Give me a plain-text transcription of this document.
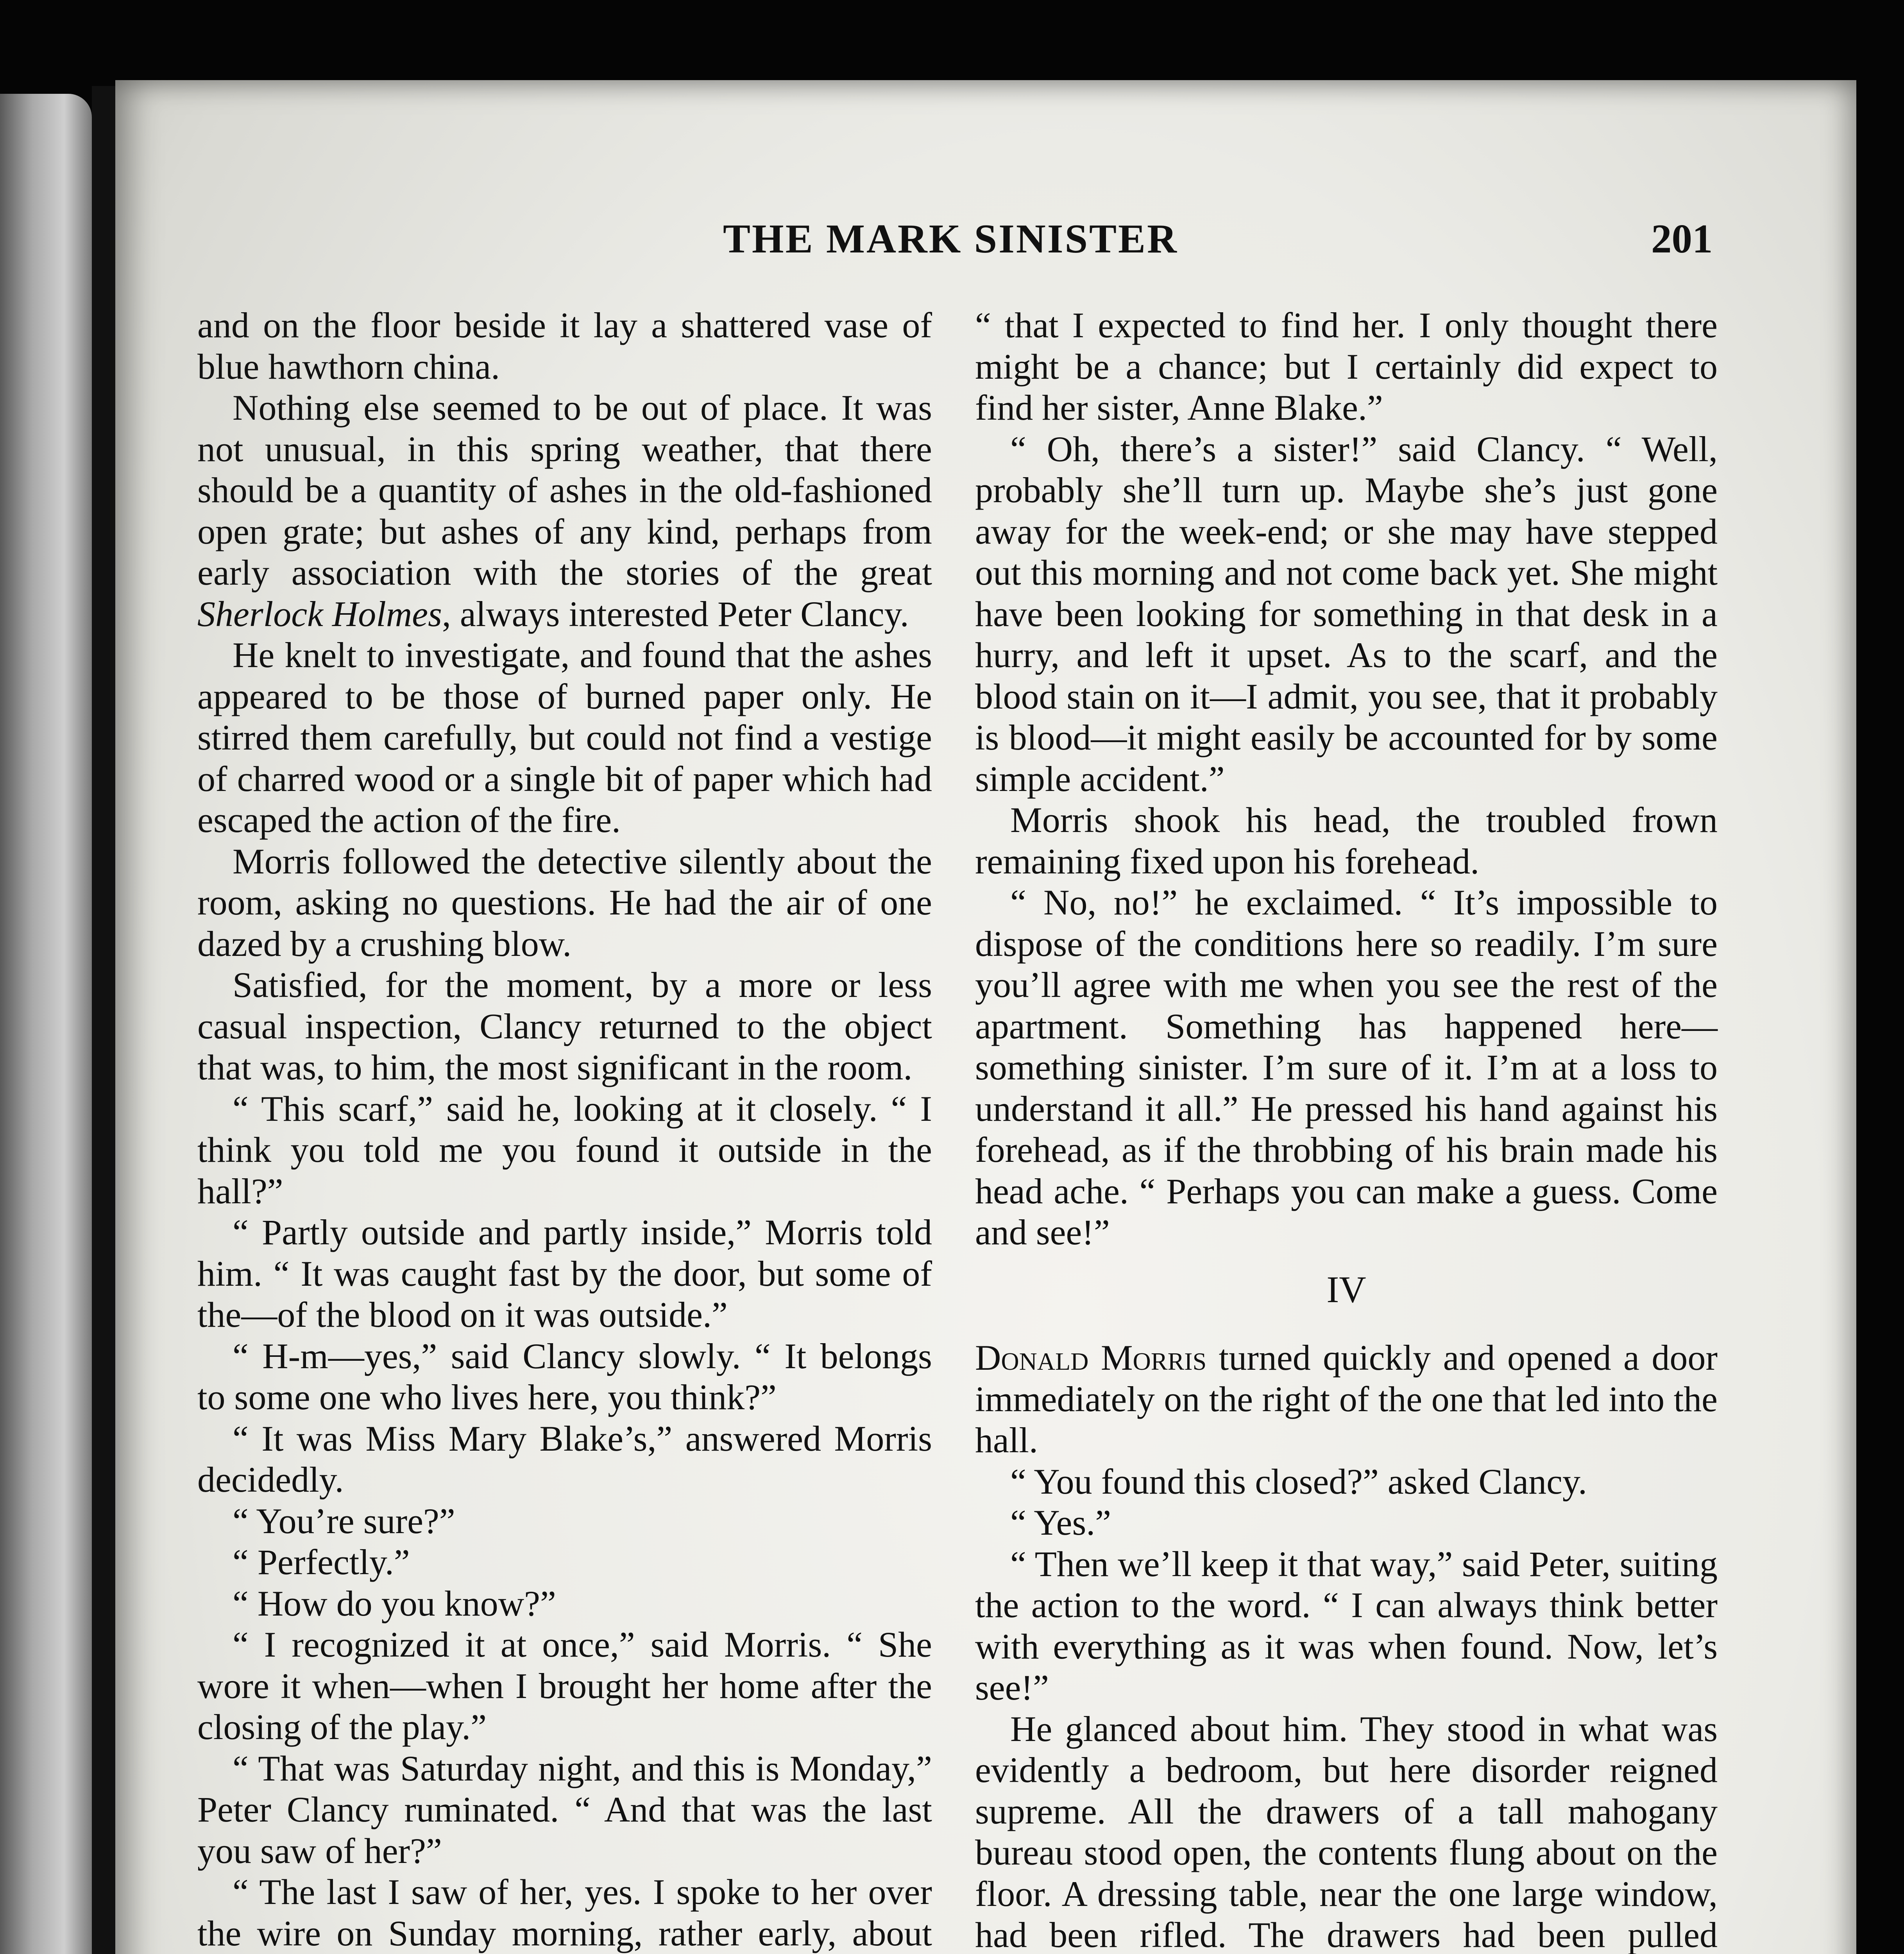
THE MARK SINISTER	201

and on the floor beside it lay a shattered vase of blue hawthorn china.

Nothing else seemed to be out of place. It was not unusual, in this spring weather, that there should be a quantity of ashes in the old-fashioned open grate; but ashes of any kind, perhaps from early association with the stories of the great Sherlock Holmes, always interested Peter Clancy.

He knelt to investigate, and found that the ashes appeared to be those of burned paper only. He stirred them carefully, but could not find a vestige of charred wood or a single bit of paper which had escaped the action of the fire.

Morris followed the detective silently about the room, asking no questions. He had the air of one dazed by a crushing blow.

Satisfied, for the moment, by a more or less casual inspection, Clancy returned to the object that was, to him, the most significant in the room.

“ This scarf,” said he, looking at it closely. “ I think you told me you found it outside in the hall?”

“ Partly outside and partly inside,” Morris told him. “ It was caught fast by the door, but some of the—of the blood on it was outside.”

“ H-m—yes,” said Clancy slowly. “ It belongs to some one who lives here, you think?”

“ It was Miss Mary Blake’s,” answered Morris decidedly.

“ You’re sure?”

“ Perfectly.”

“ How do you know?”

“ I recognized it at once,” said Morris. “ She wore it when—when I brought her home after the closing of the play.”

“ That was Saturday night, and this is Monday,” Peter Clancy ruminated. “ And that was the last you saw of her?”

“ The last I saw of her, yes. I spoke to her over the wire on Sunday morning, rather early, about

“ that I expected to find her. I only thought there might be a chance; but I certainly did expect to find her sister, Anne Blake.”

“ Oh, there’s a sister!” said Clancy. “ Well, probably she’ll turn up. Maybe she’s just gone away for the week-end; or she may have stepped out this morning and not come back yet. She might have been looking for something in that desk in a hurry, and left it upset. As to the scarf, and the blood stain on it—I admit, you see, that it probably is blood—it might easily be accounted for by some simple accident.”

Morris shook his head, the troubled frown remaining fixed upon his forehead.

“ No, no!” he exclaimed. “ It’s impossible to dispose of the conditions here so readily. I’m sure you’ll agree with me when you see the rest of the apartment. Something has happened here—something sinister. I’m sure of it. I’m at a loss to understand it all.” He pressed his hand against his forehead, as if the throbbing of his brain made his head ache. “ Perhaps you can make a guess. Come and see!”

IV

Donald Morris turned quickly and opened a door immediately on the right of the one that led into the hall.

“ You found this closed?” asked Clancy.

“ Yes.”

“ Then we’ll keep it that way,” said Peter, suiting the action to the word. “ I can always think better with everything as it was when found. Now, let’s see!”

He glanced about him. They stood in what was evidently a bedroom, but here disorder reigned supreme. All the drawers of a tall mahogany bureau stood open, the contents flung about on the floor. A dressing table, near the one large window, had been rifled. The drawers had been pulled
